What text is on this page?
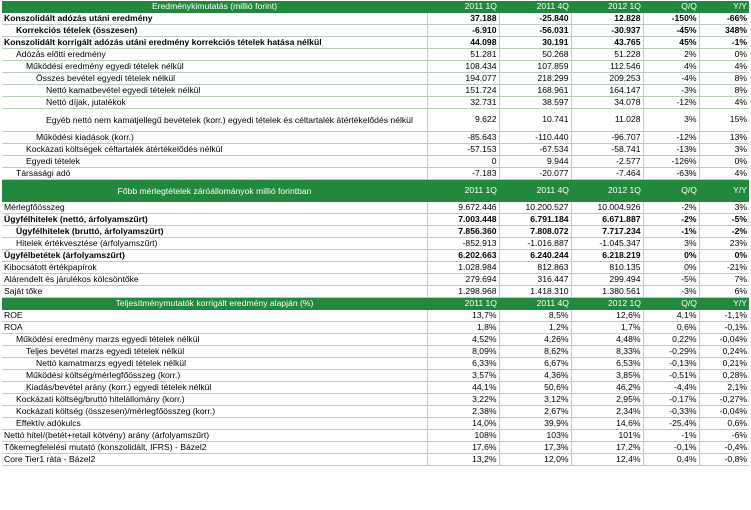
Eredménykimutatás (millió forint)	2011 1Q	2011 4Q	2012 1Q	Q/Q	Y/Y
Konszolidált adózás utáni eredmény	37.188	-25.840	12.828	-150%	-66%
Korrekciós tételek (összesen)	-6.910	-56.031	-30.937	-45%	348%
Konszolidált korrigált adózás utáni eredmény korrekciós tételek hatása nélkül	44.098	30.191	43.765	45%	-1%
Adózás előtti eredmény	51.281	50.268	51.228	2%	0%
Működési eredmény egyedi tételek nélkül	108.434	107.859	112.546	4%	4%
Összes bevétel egyedi tételek nélkül	194.077	218.299	209.253	-4%	8%
Nettó kamatbevétel egyedi tételek nélkül	151.724	168.961	164.147	-3%	8%
Nettó díjak, jutalékok	32.731	38.597	34.078	-12%	4%
Egyéb nettó nem kamatjellegű bevételek (korr.) egyedi tételek és céltartalék átértékelődés nélkül	9.622	10.741	11.028	3%	15%
Működési kiadások (korr.)	-85.643	-110.440	-96.707	-12%	13%
Kockázati költségek céltartalék átértékelődés nélkül	-57.153	-67.534	-58.741	-13%	3%
Egyedi tételek	0	9.944	-2.577	-126%	0%
Társasági adó	-7.183	-20.077	-7.464	-63%	4%
Főbb mérlegtételek záróállományok millió forintban	2011 1Q	2011 4Q	2012 1Q	Q/Q	Y/Y
Mérlegfőösszeg	9.672.446	10.200.527	10.004.926	-2%	3%
Ügyfélhitelek (nettó, árfolyamszűrt)	7.003.448	6.791.184	6.671.887	-2%	-5%
Ügyfélhitelek (bruttó, árfolyamszűrt)	7.856.360	7.808.072	7.717.234	-1%	-2%
Hitelek értékvesztése (árfolyamszűrt)	-852.913	-1.016.887	-1.045.347	3%	23%
Ügyfélbetétek (árfolyamszűrt)	6.202.663	6.240.244	6.218.219	0%	0%
Kibocsátott értékpapírok	1.028.984	812.863	810.135	0%	-21%
Alárendelt és járulékos kölcsöntőke	279.694	316.447	299.494	-5%	7%
Saját tőke	1.298.968	1.418.310	1.380.561	-3%	6%
Teljesítménymutatók korrigált eredmény alapján (%)	2011 1Q	2011 4Q	2012 1Q	Q/Q	Y/Y
ROE	13,7%	8,5%	12,6%	4,1%	-1,1%
ROA	1,8%	1,2%	1,7%	0,6%	-0,1%
Működési eredmény marzs egyedi tételek nélkül	4,52%	4,26%	4,48%	0,22%	-0,04%
Teljes bevétel marzs egyedi tételek nélkül	8,09%	8,62%	8,33%	-0,29%	0,24%
Nettó kamatmarzs egyedi tételek nélkül	6,33%	6,67%	6,53%	-0,13%	0,21%
Működési költség/mérlegfőösszeg (korr.)	3,57%	4,36%	3,85%	-0,51%	0,28%
Kiadás/bevétel arány (korr.) egyedi tételek nélkül	44,1%	50,6%	46,2%	-4,4%	2,1%
Kockázati költség/bruttó hitelállomány (korr.)	3,22%	3,12%	2,95%	-0,17%	-0,27%
Kockázati költség (összesen)/mérlegfőösszeg (korr.)	2,38%	2,67%	2,34%	-0,33%	-0,04%
Effektív adókulcs	14,0%	39,9%	14,6%	-25,4%	0,6%
Nettó hitel/(betét+retail kötvény) arány (árfolyamszűrt)	108%	103%	101%	-1%	-6%
Tőkemegfelelési mutató (konszolidált, IFRS) - Bázel2	17,6%	17,3%	17,2%	-0,1%	-0,4%
Core Tier1 ráta - Bázel2	13,2%	12,0%	12,4%	0,4%	-0,8%
